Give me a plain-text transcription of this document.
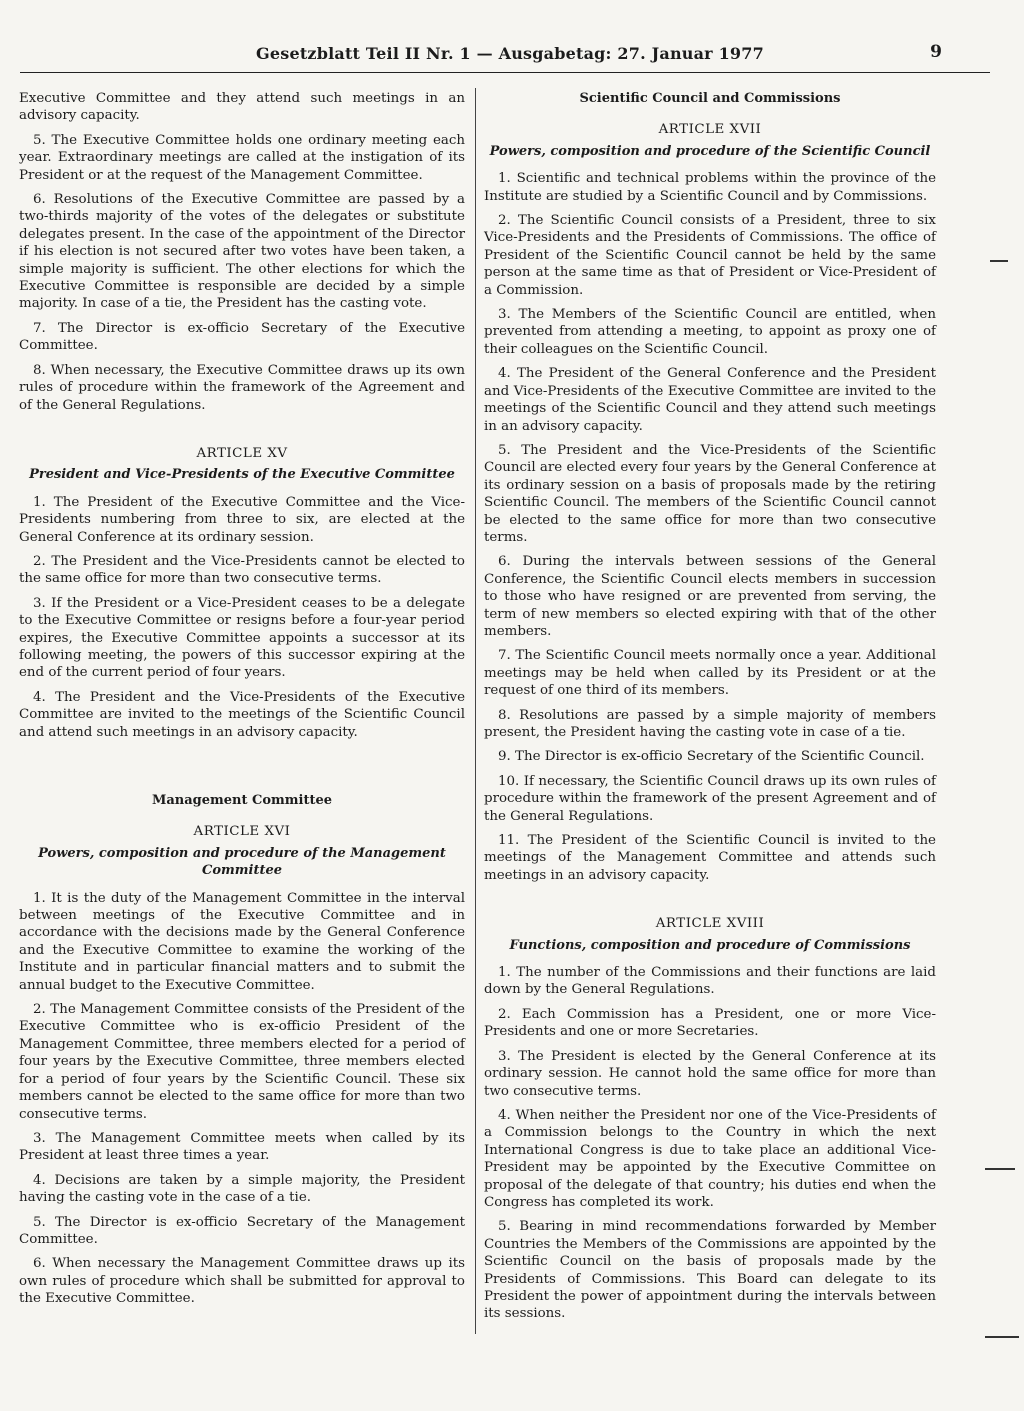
Gesetzblatt Teil II Nr. 1 — Ausgabetag: 27. Januar 1977	9

Executive Committee and they attend such meetings in an advisory capacity.

5. The Executive Committee holds one ordinary meeting each year. Extraordinary meetings are called at the instigation of its President or at the request of the Management Committee.

6. Resolutions of the Executive Committee are passed by a two-thirds majority of the votes of the delegates or substitute delegates present. In the case of the appointment of the Director if his election is not secured after two votes have been taken, a simple majority is sufficient. The other elections for which the Executive Committee is responsible are decided by a simple majority. In case of a tie, the President has the casting vote.

7. The Director is ex-officio Secretary of the Executive Committee.

8. When necessary, the Executive Committee draws up its own rules of procedure within the framework of the Agreement and of the General Regulations.

ARTICLE XV
President and Vice-Presidents of the Executive Committee

1. The President of the Executive Committee and the Vice-Presidents numbering from three to six, are elected at the General Conference at its ordinary session.

2. The President and the Vice-Presidents cannot be elected to the same office for more than two consecutive terms.

3. If the President or a Vice-President ceases to be a delegate to the Executive Committee or resigns before a four-year period expires, the Executive Committee appoints a successor at its following meeting, the powers of this successor expiring at the end of the current period of four years.

4. The President and the Vice-Presidents of the Executive Committee are invited to the meetings of the Scientific Council and attend such meetings in an advisory capacity.

Management Committee
ARTICLE XVI
Powers, composition and procedure of the Management Committee

1. It is the duty of the Management Committee in the interval between meetings of the Executive Committee and in accordance with the decisions made by the General Conference and the Executive Committee to examine the working of the Institute and in particular financial matters and to submit the annual budget to the Executive Committee.

2. The Management Committee consists of the President of the Executive Committee who is ex-officio President of the Management Committee, three members elected for a period of four years by the Executive Committee, three members elected for a period of four years by the Scientific Council. These six members cannot be elected to the same office for more than two consecutive terms.

3. The Management Committee meets when called by its President at least three times a year.

4. Decisions are taken by a simple majority, the President having the casting vote in the case of a tie.

5. The Director is ex-officio Secretary of the Management Committee.

6. When necessary the Management Committee draws up its own rules of procedure which shall be submitted for approval to the Executive Committee.

Scientific Council and Commissions
ARTICLE XVII
Powers, composition and procedure of the Scientific Council

1. Scientific and technical problems within the province of the Institute are studied by a Scientific Council and by Commissions.

2. The Scientific Council consists of a President, three to six Vice-Presidents and the Presidents of Commissions. The office of President of the Scientific Council cannot be held by the same person at the same time as that of President or Vice-President of a Commission.

3. The Members of the Scientific Council are entitled, when prevented from attending a meeting, to appoint as proxy one of their colleagues on the Scientific Council.

4. The President of the General Conference and the President and Vice-Presidents of the Executive Committee are invited to the meetings of the Scientific Council and they attend such meetings in an advisory capacity.

5. The President and the Vice-Presidents of the Scientific Council are elected every four years by the General Conference at its ordinary session on a basis of proposals made by the retiring Scientific Council. The members of the Scientific Council cannot be elected to the same office for more than two consecutive terms.

6. During the intervals between sessions of the General Conference, the Scientific Council elects members in succession to those who have resigned or are prevented from serving, the term of new members so elected expiring with that of the other members.

7. The Scientific Council meets normally once a year. Additional meetings may be held when called by its President or at the request of one third of its members.

8. Resolutions are passed by a simple majority of members present, the President having the casting vote in case of a tie.

9. The Director is ex-officio Secretary of the Scientific Council.

10. If necessary, the Scientific Council draws up its own rules of procedure within the framework of the present Agreement and of the General Regulations.

11. The President of the Scientific Council is invited to the meetings of the Management Committee and attends such meetings in an advisory capacity.

ARTICLE XVIII
Functions, composition and procedure of Commissions

1. The number of the Commissions and their functions are laid down by the General Regulations.

2. Each Commission has a President, one or more Vice-Presidents and one or more Secretaries.

3. The President is elected by the General Conference at its ordinary session. He cannot hold the same office for more than two consecutive terms.

4. When neither the President nor one of the Vice-Presidents of a Commission belongs to the Country in which the next International Congress is due to take place an additional Vice-President may be appointed by the Executive Committee on proposal of the delegate of that country; his duties end when the Congress has completed its work.

5. Bearing in mind recommendations forwarded by Member Countries the Members of the Commissions are appointed by the Scientific Council on the basis of proposals made by the Presidents of Commissions. This Board can delegate to its President the power of appointment during the intervals between its sessions.
